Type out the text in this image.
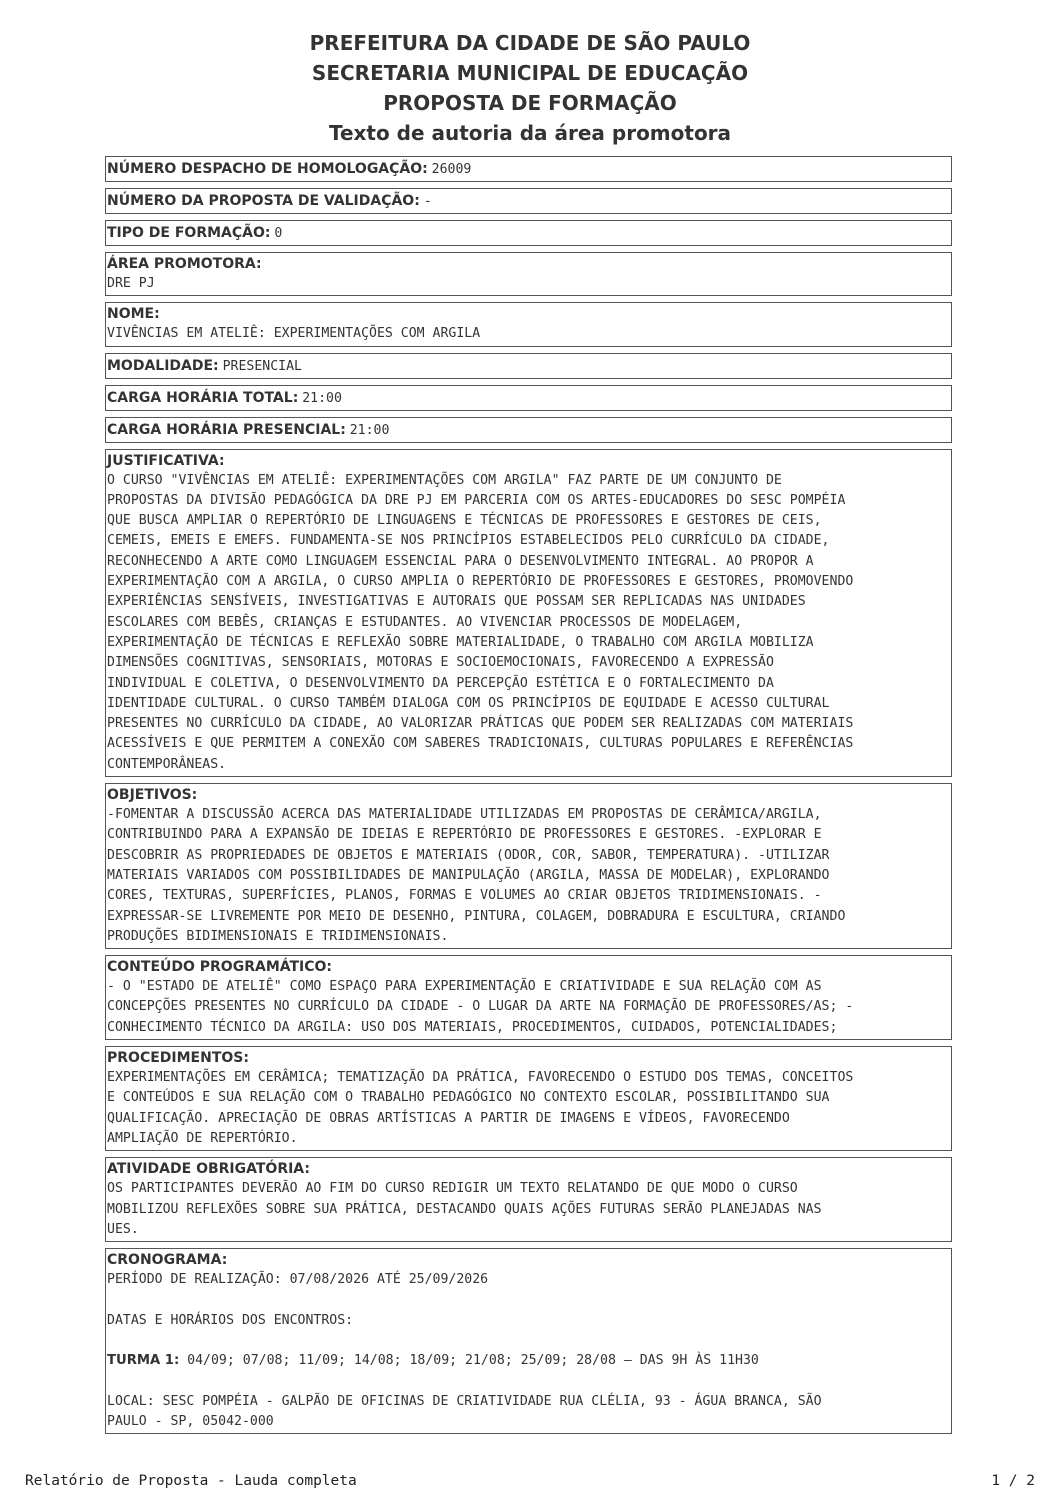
PREFEITURA DA CIDADE DE SÃO PAULO
SECRETARIA MUNICIPAL DE EDUCAÇÃO
PROPOSTA DE FORMAÇÃO
Texto de autoria da área promotora
NÚMERO DESPACHO DE HOMOLOGAÇÃO: 26009
NÚMERO DA PROPOSTA DE VALIDAÇÃO: -
TIPO DE FORMAÇÃO: 0
ÁREA PROMOTORA:
DRE PJ
NOME:
VIVÊNCIAS EM ATELIÊ: EXPERIMENTAÇÕES COM ARGILA
MODALIDADE: PRESENCIAL
CARGA HORÁRIA TOTAL: 21:00
CARGA HORÁRIA PRESENCIAL: 21:00
JUSTIFICATIVA:
O CURSO "VIVÊNCIAS EM ATELIÊ: EXPERIMENTAÇÕES COM ARGILA" FAZ PARTE DE UM CONJUNTO DE
PROPOSTAS DA DIVISÃO PEDAGÓGICA DA DRE PJ EM PARCERIA COM OS ARTES-EDUCADORES DO SESC POMPÉIA
QUE BUSCA AMPLIAR O REPERTÓRIO DE LINGUAGENS E TÉCNICAS DE PROFESSORES E GESTORES DE CEIS,
CEMEIS, EMEIS E EMEFS. FUNDAMENTA-SE NOS PRINCÍPIOS ESTABELECIDOS PELO CURRÍCULO DA CIDADE,
RECONHECENDO A ARTE COMO LINGUAGEM ESSENCIAL PARA O DESENVOLVIMENTO INTEGRAL. AO PROPOR A
EXPERIMENTAÇÃO COM A ARGILA, O CURSO AMPLIA O REPERTÓRIO DE PROFESSORES E GESTORES, PROMOVENDO
EXPERIÊNCIAS SENSÍVEIS, INVESTIGATIVAS E AUTORAIS QUE POSSAM SER REPLICADAS NAS UNIDADES
ESCOLARES COM BEBÊS, CRIANÇAS E ESTUDANTES. AO VIVENCIAR PROCESSOS DE MODELAGEM,
EXPERIMENTAÇÃO DE TÉCNICAS E REFLEXÃO SOBRE MATERIALIDADE, O TRABALHO COM ARGILA MOBILIZA
DIMENSÕES COGNITIVAS, SENSORIAIS, MOTORAS E SOCIOEMOCIONAIS, FAVORECENDO A EXPRESSÃO
INDIVIDUAL E COLETIVA, O DESENVOLVIMENTO DA PERCEPÇÃO ESTÉTICA E O FORTALECIMENTO DA
IDENTIDADE CULTURAL. O CURSO TAMBÉM DIALOGA COM OS PRINCÍPIOS DE EQUIDADE E ACESSO CULTURAL
PRESENTES NO CURRÍCULO DA CIDADE, AO VALORIZAR PRÁTICAS QUE PODEM SER REALIZADAS COM MATERIAIS
ACESSÍVEIS E QUE PERMITEM A CONEXÃO COM SABERES TRADICIONAIS, CULTURAS POPULARES E REFERÊNCIAS
CONTEMPORÂNEAS.
OBJETIVOS:
-FOMENTAR A DISCUSSÃO ACERCA DAS MATERIALIDADE UTILIZADAS EM PROPOSTAS DE CERÂMICA/ARGILA,
CONTRIBUINDO PARA A EXPANSÃO DE IDEIAS E REPERTÓRIO DE PROFESSORES E GESTORES. -EXPLORAR E
DESCOBRIR AS PROPRIEDADES DE OBJETOS E MATERIAIS (ODOR, COR, SABOR, TEMPERATURA). -UTILIZAR
MATERIAIS VARIADOS COM POSSIBILIDADES DE MANIPULAÇÃO (ARGILA, MASSA DE MODELAR), EXPLORANDO
CORES, TEXTURAS, SUPERFÍCIES, PLANOS, FORMAS E VOLUMES AO CRIAR OBJETOS TRIDIMENSIONAIS. -
EXPRESSAR-SE LIVREMENTE POR MEIO DE DESENHO, PINTURA, COLAGEM, DOBRADURA E ESCULTURA, CRIANDO
PRODUÇÕES BIDIMENSIONAIS E TRIDIMENSIONAIS.
CONTEÚDO PROGRAMÁTICO:
- O "ESTADO DE ATELIÊ" COMO ESPAÇO PARA EXPERIMENTAÇÃO E CRIATIVIDADE E SUA RELAÇÃO COM AS
CONCEPÇÕES PRESENTES NO CURRÍCULO DA CIDADE - O LUGAR DA ARTE NA FORMAÇÃO DE PROFESSORES/AS; -
CONHECIMENTO TÉCNICO DA ARGILA: USO DOS MATERIAIS, PROCEDIMENTOS, CUIDADOS, POTENCIALIDADES;
PROCEDIMENTOS:
EXPERIMENTAÇÕES EM CERÂMICA; TEMATIZAÇÃO DA PRÁTICA, FAVORECENDO O ESTUDO DOS TEMAS, CONCEITOS
E CONTEÚDOS E SUA RELAÇÃO COM O TRABALHO PEDAGÓGICO NO CONTEXTO ESCOLAR, POSSIBILITANDO SUA
QUALIFICAÇÃO. APRECIAÇÃO DE OBRAS ARTÍSTICAS A PARTIR DE IMAGENS E VÍDEOS, FAVORECENDO
AMPLIAÇÃO DE REPERTÓRIO.
ATIVIDADE OBRIGATÓRIA:
OS PARTICIPANTES DEVERÃO AO FIM DO CURSO REDIGIR UM TEXTO RELATANDO DE QUE MODO O CURSO
MOBILIZOU REFLEXÕES SOBRE SUA PRÁTICA, DESTACANDO QUAIS AÇÕES FUTURAS SERÃO PLANEJADAS NAS
UES.
CRONOGRAMA:
PERÍODO DE REALIZAÇÃO: 07/08/2026 ATÉ 25/09/2026

DATAS E HORÁRIOS DOS ENCONTROS:

TURMA 1: 04/09; 07/08; 11/09; 14/08; 18/09; 21/08; 25/09; 28/08 — DAS 9H ÀS 11H30

LOCAL: SESC POMPÉIA - GALPÃO DE OFICINAS DE CRIATIVIDADE RUA CLÉLIA, 93 - ÁGUA BRANCA, SÃO
PAULO - SP, 05042-000
Relatório de Proposta - Lauda completa	1 / 2
